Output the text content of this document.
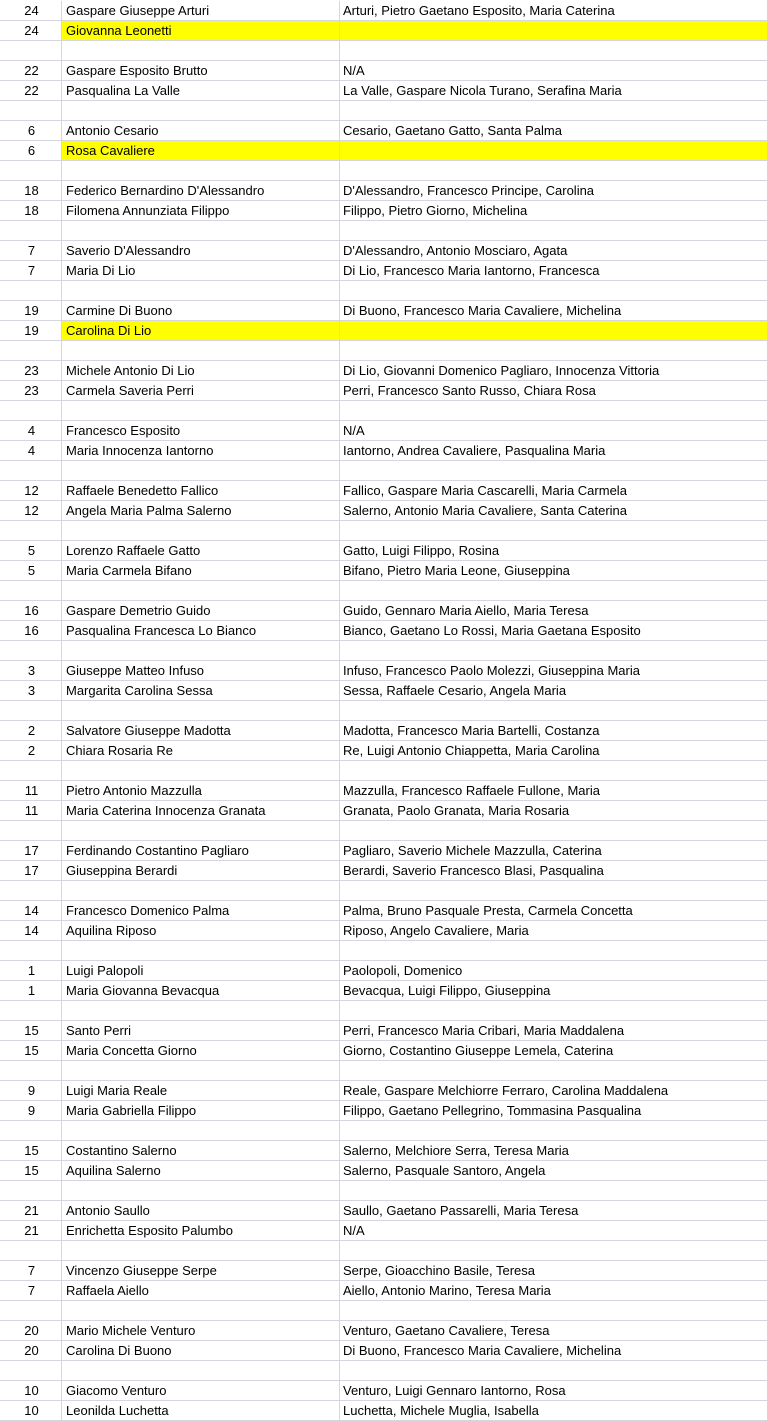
24	Gaspare Giuseppe Arturi	Arturi, Pietro Gaetano Esposito, Maria Caterina
24	Giovanna Leonetti
22	Gaspare Esposito Brutto	N/A
22	Pasqualina La Valle	La Valle, Gaspare Nicola Turano, Serafina Maria
6	Antonio Cesario	Cesario, Gaetano Gatto, Santa Palma
6	Rosa Cavaliere
18	Federico Bernardino D'Alessandro	D'Alessandro, Francesco Principe, Carolina
18	Filomena Annunziata Filippo	Filippo, Pietro Giorno, Michelina
7	Saverio D'Alessandro	D'Alessandro, Antonio Mosciaro, Agata
7	Maria Di Lio	Di Lio, Francesco Maria Iantorno, Francesca
19	Carmine Di Buono	Di Buono, Francesco Maria Cavaliere, Michelina
19	Carolina Di Lio
23	Michele Antonio Di Lio	Di Lio, Giovanni Domenico Pagliaro, Innocenza Vittoria
23	Carmela Saveria Perri	Perri, Francesco Santo Russo, Chiara Rosa
4	Francesco Esposito	N/A
4	Maria Innocenza Iantorno	Iantorno, Andrea Cavaliere, Pasqualina Maria
12	Raffaele Benedetto Fallico	Fallico, Gaspare Maria Cascarelli, Maria Carmela
12	Angela Maria Palma Salerno	Salerno, Antonio Maria Cavaliere, Santa Caterina
5	Lorenzo Raffaele Gatto	Gatto, Luigi Filippo, Rosina
5	Maria Carmela Bifano	Bifano, Pietro Maria Leone, Giuseppina
16	Gaspare Demetrio Guido	Guido, Gennaro Maria Aiello, Maria Teresa
16	Pasqualina Francesca Lo Bianco	Bianco, Gaetano Lo Rossi, Maria Gaetana Esposito
3	Giuseppe Matteo Infuso	Infuso, Francesco Paolo Molezzi, Giuseppina Maria
3	Margarita Carolina Sessa	Sessa, Raffaele Cesario, Angela Maria
2	Salvatore Giuseppe Madotta	Madotta, Francesco Maria Bartelli, Costanza
2	Chiara Rosaria Re	Re, Luigi Antonio Chiappetta, Maria Carolina
11	Pietro Antonio Mazzulla	Mazzulla, Francesco Raffaele Fullone, Maria
11	Maria Caterina Innocenza Granata	Granata, Paolo Granata, Maria Rosaria
17	Ferdinando Costantino Pagliaro	Pagliaro, Saverio Michele Mazzulla, Caterina
17	Giuseppina Berardi	Berardi, Saverio Francesco Blasi, Pasqualina
14	Francesco Domenico Palma	Palma, Bruno Pasquale Presta, Carmela Concetta
14	Aquilina Riposo	Riposo, Angelo Cavaliere, Maria
1	Luigi Palopoli	Paolopoli, Domenico
1	Maria Giovanna Bevacqua	Bevacqua, Luigi Filippo, Giuseppina
15	Santo Perri	Perri, Francesco Maria Cribari, Maria Maddalena
15	Maria Concetta Giorno	Giorno, Costantino Giuseppe Lemela, Caterina
9	Luigi Maria Reale	Reale, Gaspare Melchiorre Ferraro, Carolina Maddalena
9	Maria Gabriella Filippo	Filippo, Gaetano Pellegrino, Tommasina Pasqualina
15	Costantino Salerno	Salerno, Melchiore Serra, Teresa Maria
15	Aquilina Salerno	Salerno, Pasquale Santoro, Angela
21	Antonio Saullo	Saullo, Gaetano Passarelli, Maria Teresa
21	Enrichetta Esposito Palumbo	N/A
7	Vincenzo Giuseppe Serpe	Serpe, Gioacchino Basile, Teresa
7	Raffaela Aiello	Aiello, Antonio Marino, Teresa Maria
20	Mario Michele Venturo	Venturo, Gaetano Cavaliere, Teresa
20	Carolina Di Buono	Di Buono, Francesco Maria Cavaliere, Michelina
10	Giacomo Venturo	Venturo, Luigi Gennaro Iantorno, Rosa
10	Leonilda Luchetta	Luchetta, Michele Muglia, Isabella
